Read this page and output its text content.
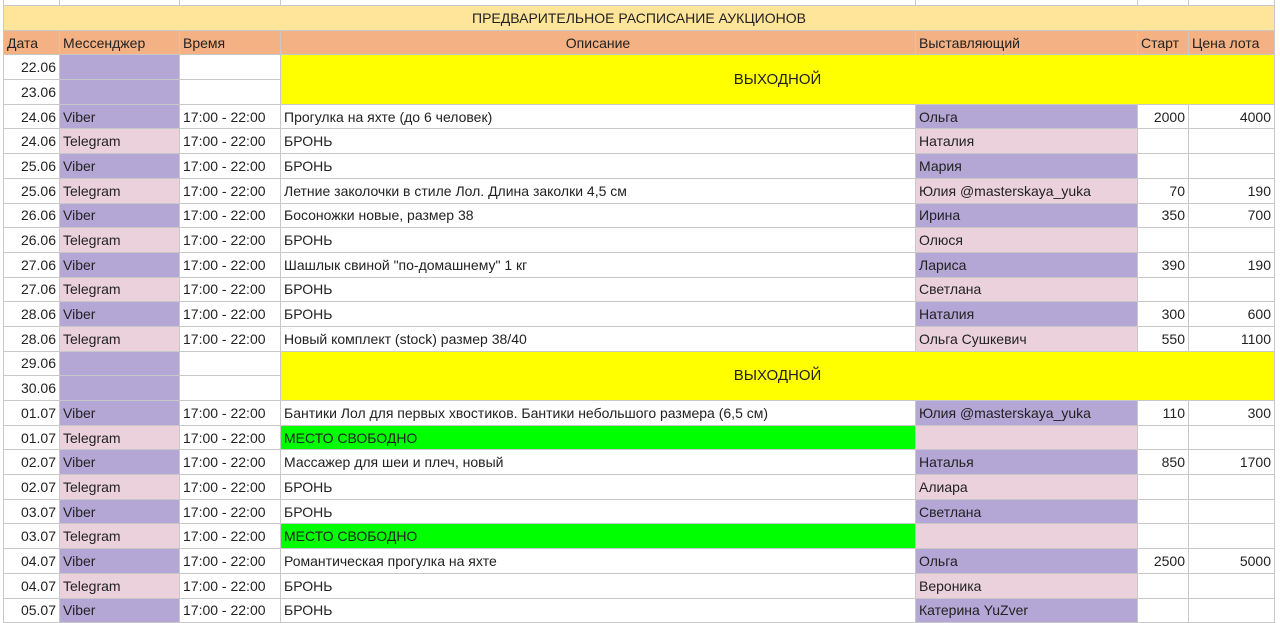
ПРЕДВАРИТЕЛЬНОЕ РАСПИСАНИЕ АУКЦИОНОВ						
Дата	Мессенджер	Время	Описание	Выставляющий	Старт	Цена лота
22.06			ВЫХОДНОЙ			
23.06						
24.06	Viber	17:00 - 22:00	Прогулка на яхте (до 6 человек)	Ольга	2000	4000
24.06	Telegram	17:00 - 22:00	БРОНЬ	Наталия		
25.06	Viber	17:00 - 22:00	БРОНЬ	Мария		
25.06	Telegram	17:00 - 22:00	Летние заколочки в стиле Лол. Длина заколки 4,5 см	Юлия @masterskaya_yuka	70	190
26.06	Viber	17:00 - 22:00	Босоножки новые, размер 38	Ирина	350	700
26.06	Telegram	17:00 - 22:00	БРОНЬ	Олюся		
27.06	Viber	17:00 - 22:00	Шашлык свиной "по-домашнему" 1 кг	Лариса	390	190
27.06	Telegram	17:00 - 22:00	БРОНЬ	Светлана		
28.06	Viber	17:00 - 22:00	БРОНЬ	Наталия	300	600
28.06	Telegram	17:00 - 22:00	Новый комплект (stock) размер 38/40	Ольга Сушкевич	550	1100
29.06			ВЫХОДНОЙ			
30.06						
01.07	Viber	17:00 - 22:00	Бантики Лол для первых хвостиков. Бантики небольшого размера (6,5 см)	Юлия @masterskaya_yuka	110	300
01.07	Telegram	17:00 - 22:00	МЕСТО СВОБОДНО			
02.07	Viber	17:00 - 22:00	Массажер для шеи и плеч, новый	Наталья	850	1700
02.07	Telegram	17:00 - 22:00	БРОНЬ	Алиара		
03.07	Viber	17:00 - 22:00	БРОНЬ	Светлана		
03.07	Telegram	17:00 - 22:00	МЕСТО СВОБОДНО			
04.07	Viber	17:00 - 22:00	Романтическая прогулка на яхте	Ольга	2500	5000
04.07	Telegram	17:00 - 22:00	БРОНЬ	Вероника		
05.07	Viber	17:00 - 22:00	БРОНЬ	Катерина YuZver		
